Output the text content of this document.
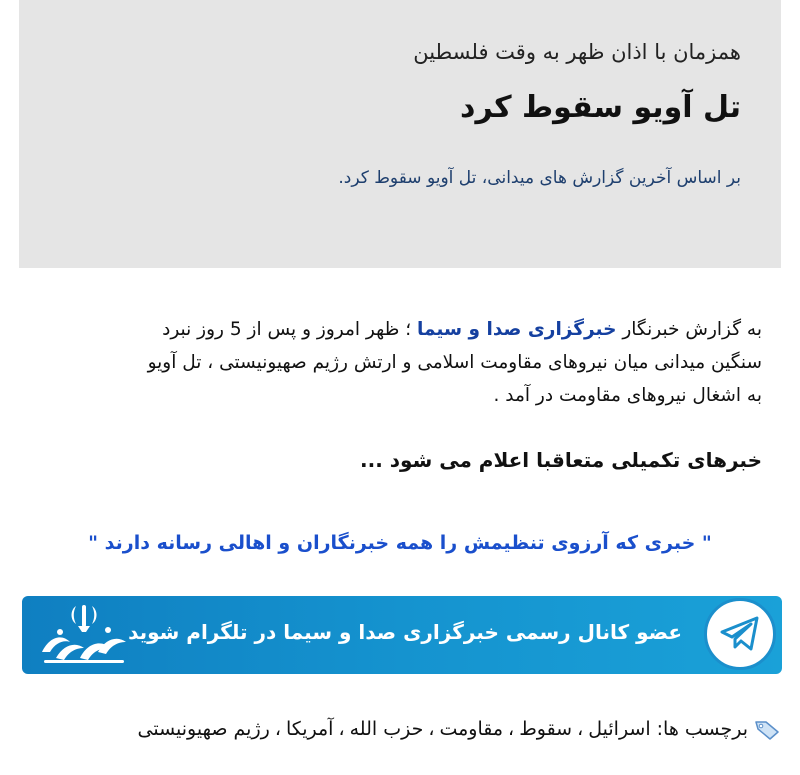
همزمان با اذان ظهر به وقت فلسطین
تل آویو سقوط کرد
بر اساس آخرین گزارش های میدانی، تل آویو سقوط کرد.
به گزارش خبرنگار خبرگزاری صدا و سیما ؛ ظهر امروز و پس از 5 روز نبرد
سنگین میدانی میان نیروهای مقاومت اسلامی و ارتش رژیم صهیونیستی ، تل آویو
به اشغال نیروهای مقاومت در آمد .
خبرهای تکمیلی متعاقبا اعلام می شود ...
" خبری که آرزوی تنظیمش را همه خبرنگاران و اهالی رسانه دارند "
عضو کانال رسمی خبرگزاری صدا و سیما در تلگرام شوید
برچسب ها:
اسرائیل
،
سقوط
،
مقاومت
،
حزب الله
،
آمریکا
،
رژیم صهیونیستی
